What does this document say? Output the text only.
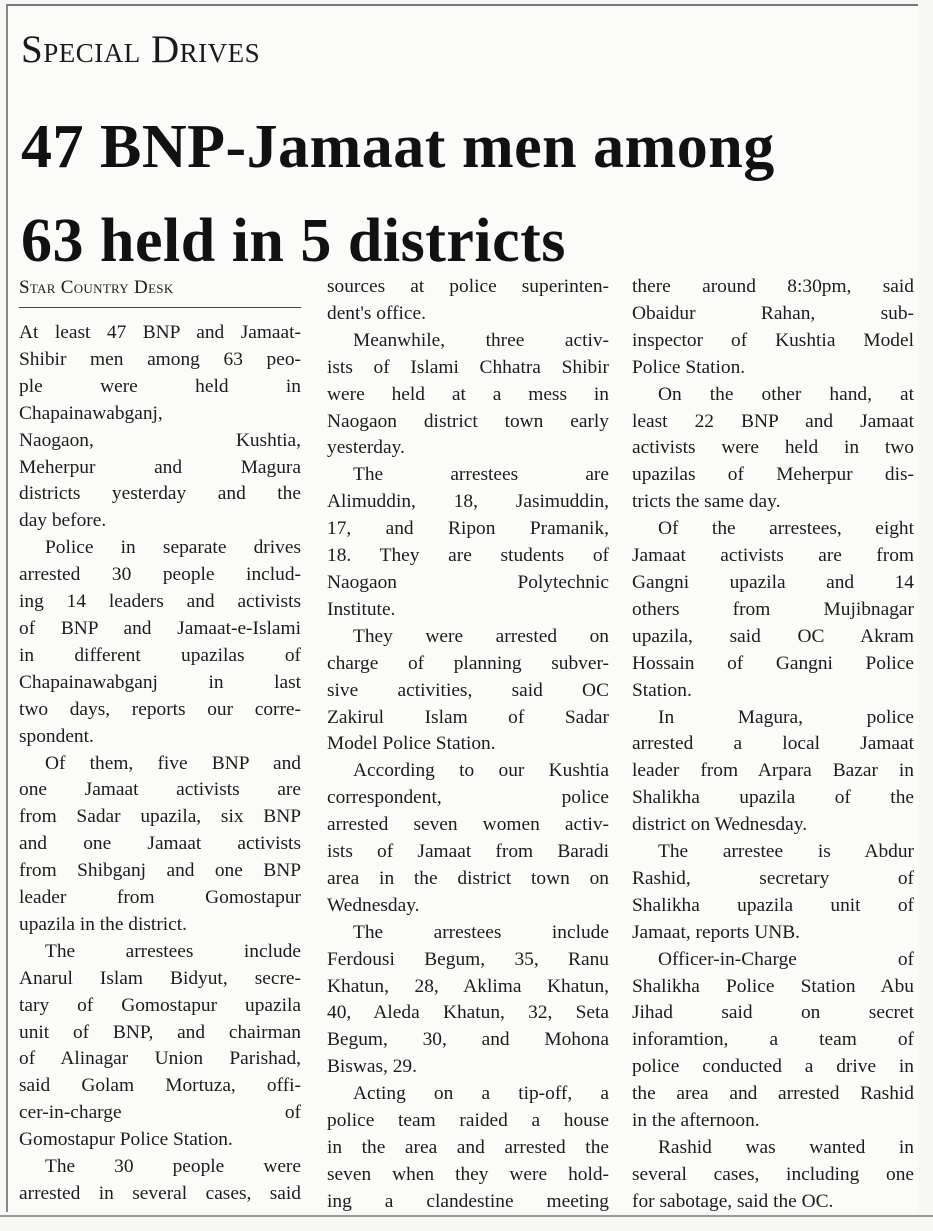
Special Drives
47 BNP-Jamaat men among
63 held in 5 districts
Star Country Desk
At least 47 BNP and Jamaat-
Shibir men among 63 peo-
ple were held in
Chapainawabganj,
Naogaon, Kushtia,
Meherpur and Magura
districts yesterday and the
day before.
Police in separate drives
arrested 30 people includ-
ing 14 leaders and activists
of BNP and Jamaat-e-Islami
in different upazilas of
Chapainawabganj in last
two days, reports our corre-
spondent.
Of them, five BNP and
one Jamaat activists are
from Sadar upazila, six BNP
and one Jamaat activists
from Shibganj and one BNP
leader from Gomostapur
upazila in the district.
The arrestees include
Anarul Islam Bidyut, secre-
tary of Gomostapur upazila
unit of BNP, and chairman
of Alinagar Union Parishad,
said Golam Mortuza, offi-
cer-in-charge of
Gomostapur Police Station.
The 30 people were
arrested in several cases, said
sources at police superinten-
dent's office.
Meanwhile, three activ-
ists of Islami Chhatra Shibir
were held at a mess in
Naogaon district town early
yesterday.
The arrestees are
Alimuddin, 18, Jasimuddin,
17, and Ripon Pramanik,
18. They are students of
Naogaon Polytechnic
Institute.
They were arrested on
charge of planning subver-
sive activities, said OC
Zakirul Islam of Sadar
Model Police Station.
According to our Kushtia
correspondent, police
arrested seven women activ-
ists of Jamaat from Baradi
area in the district town on
Wednesday.
The arrestees include
Ferdousi Begum, 35, Ranu
Khatun, 28, Aklima Khatun,
40, Aleda Khatun, 32, Seta
Begum, 30, and Mohona
Biswas, 29.
Acting on a tip-off, a
police team raided a house
in the area and arrested the
seven when they were hold-
ing a clandestine meeting
there around 8:30pm, said
Obaidur Rahan, sub-
inspector of Kushtia Model
Police Station.
On the other hand, at
least 22 BNP and Jamaat
activists were held in two
upazilas of Meherpur dis-
tricts the same day.
Of the arrestees, eight
Jamaat activists are from
Gangni upazila and 14
others from Mujibnagar
upazila, said OC Akram
Hossain of Gangni Police
Station.
In Magura, police
arrested a local Jamaat
leader from Arpara Bazar in
Shalikha upazila of the
district on Wednesday.
The arrestee is Abdur
Rashid, secretary of
Shalikha upazila unit of
Jamaat, reports UNB.
Officer-in-Charge of
Shalikha Police Station Abu
Jihad said on secret
inforamtion, a team of
police conducted a drive in
the area and arrested Rashid
in the afternoon.
Rashid was wanted in
several cases, including one
for sabotage, said the OC.
